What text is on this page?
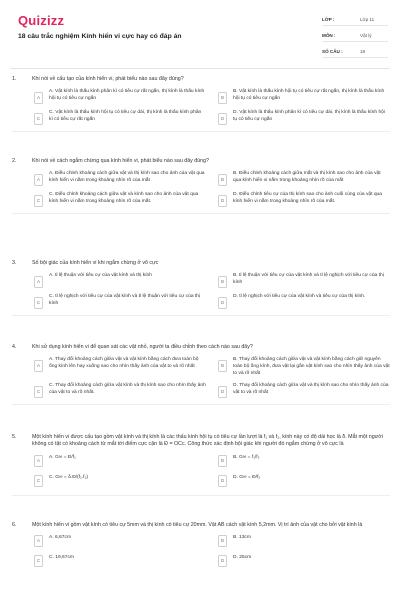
Quizizz
18 câu trắc nghiệm Kính hiển vi cực hay có đáp án
LỚP :	Lớp 11
MÔN :	Vật lý
SỐ CÂU :	18
1.	Khi nói về cấu tạo của kính hiển vi, phát biểu nào sau đây đúng?
A
A. Vật kính là thấu kính phân kì có tiêu cự rất ngắn, thị kính là thấu kính hội tụ có tiêu cự ngắn	B
B. Vật kính là thấu kính hội tụ có tiêu cự rất ngắn, thị kính là thấu kính hội tụ có tiêu cự ngắn
C
C. Vật kính là thấu kính hội tụ có tiêu cự dài, thị kính là thấu kính phân kì có tiêu cự rất ngắn	D
D. Vật kính là thấu kính phân kì có tiêu cự dài, thị kính là thấu kính hội tụ có tiêu cự ngắn
2.	Khi nói về cách ngắm chừng qua kính hiển vi, phát biểu nào sau đây đúng?
A
A. Điều chỉnh khoảng cách giữa vật và thị kính sao cho ảnh của vật qua kính hiển vi nằm trong khoảng nhìn rõ của mắt	B
B. Điều chỉnh khoảng cách giữa mắt và thị kính sao cho ảnh của vật qua kính hiển vi nằm trong khoảng nhìn rõ của mắt
C
C. Điều chỉnh khoảng cách giữa vật và kính sao cho ảnh của vật qua kính hiển vi nằm trong khoảng nhìn rõ của mắt.	D
D. Điều chỉnh tiêu cự của thị kính sao cho ảnh cuối cùng của vật qua kính hiển vi nằm trong khoảng nhìn rõ của mắt.
3.	Số bội giác của kính hiển vi khi ngắm chừng ở vô cực
A
A. tỉ lệ thuận với tiêu cự của vật kính và thị kính
B
B. tỉ lệ thuận với tiêu cự của vật kính và tỉ lệ nghịch với tiêu cự của thị kính
C
C. tỉ lệ nghịch với tiêu cự của vật kính và tỉ lệ thuận với tiêu cự của thị kính	D
D. tỉ lệ nghịch với tiêu cự của vật kính và tiêu cự của thị kính.
4.	Khi sử dụng kính hiển vi để quan sát các vật nhỏ, người ta điều chỉnh theo cách nào sau đây?
A
A. Thay đổi khoảng cách giữa vật và vật kính bằng cách đưa toàn bộ ống kính lên hay xuống sao cho nhìn thấy ảnh của vật to và rõ nhất	B
B. Thay đổi khoảng cách giữa vật và vật kính bằng cách giữ nguyên toàn bộ ống kính, đưa vật lại gần vật kính sao cho nhìn thấy ảnh của vật to và rõ nhất
C
C. Thay đổi khoảng cách giữa vật kính và thị kính sao cho nhìn thấy ảnh của vật to và rõ nhất.	D
D. Thay đổi khoảng cách giữa vật và thị kính sao cho nhìn thấy ảnh của vật to và rõ nhất
5.	Một kính hiển vi được cấu tạo gồm vật kính và thị kính là các thấu kính hội tụ có tiêu cự lần lượt là f₁ và f₂, kính này có độ dài học là δ. Mắt một người không có tật có khoảng cách từ mắt tới điểm cực cận là Đ = OCc. Công thức xác định bội giác khi người đó ngắm chừng ở vô cực là
A
A. G∞ = Đ/f₁
B
B. G∞ = f₁/f₂
C
C. G∞ = δ.Đ/(f₁.f₂)
D
D. G∞ = Đ/f₂
6.	Một kính hiển vi gồm vật kính có tiêu cự 5mm và thị kính có tiêu cự 20mm. Vật AB cách vật kính 5,2mm. Vị trí ảnh của vật cho bởi vật kính là
A
A. 6,67cm
B
B. 13cm
C
C. 19,67cm
D
D. 25cm
